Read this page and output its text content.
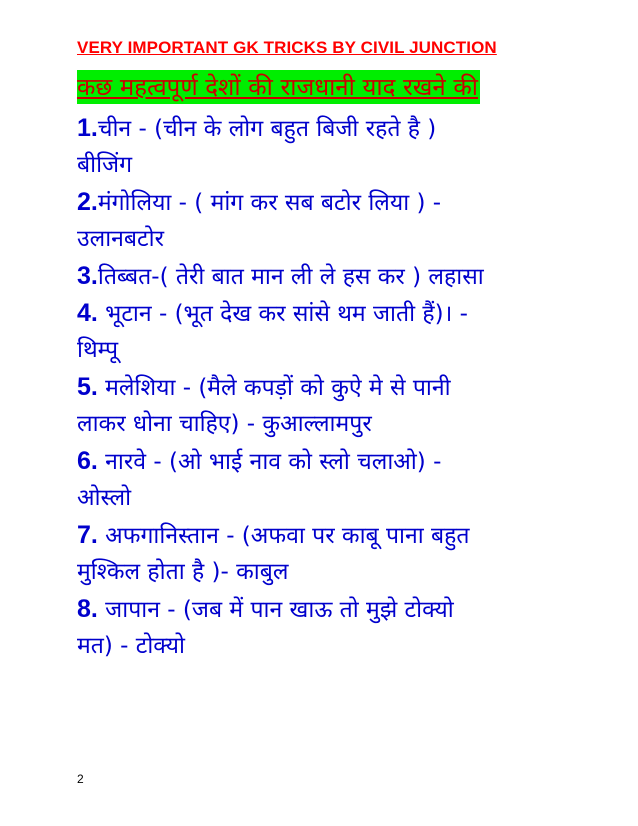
VERY IMPORTANT GK TRICKS BY CIVIL JUNCTION
कछ महत्वपूर्ण देशों की राजधानी याद रखने की
1.चीन - (चीन के लोग बहुत बिजी रहते है )
बीजिंग
2.मंगोलिया - ( मांग कर सब बटोर लिया ) -
उलानबटोर
3.तिब्बत-( तेरी बात मान ली ले हस कर ) लहासा
4. भूटान - (भूत देख कर सांसे थम जाती हैं)। -
थिम्पू
5. मलेशिया - (मैले कपड़ों को कुऐ मे से पानी
लाकर धोना चाहिए) - कुआल्लामपुर
6. नारवे - (ओ भाई नाव को स्लो चलाओ) -
ओस्लो
7. अफगानिस्तान - (अफवा पर काबू पाना बहुत
मुश्किल होता है )- काबुल
8. जापान - (जब में पान खाऊ तो मुझे टोक्यो
मत) - टोक्यो
2
